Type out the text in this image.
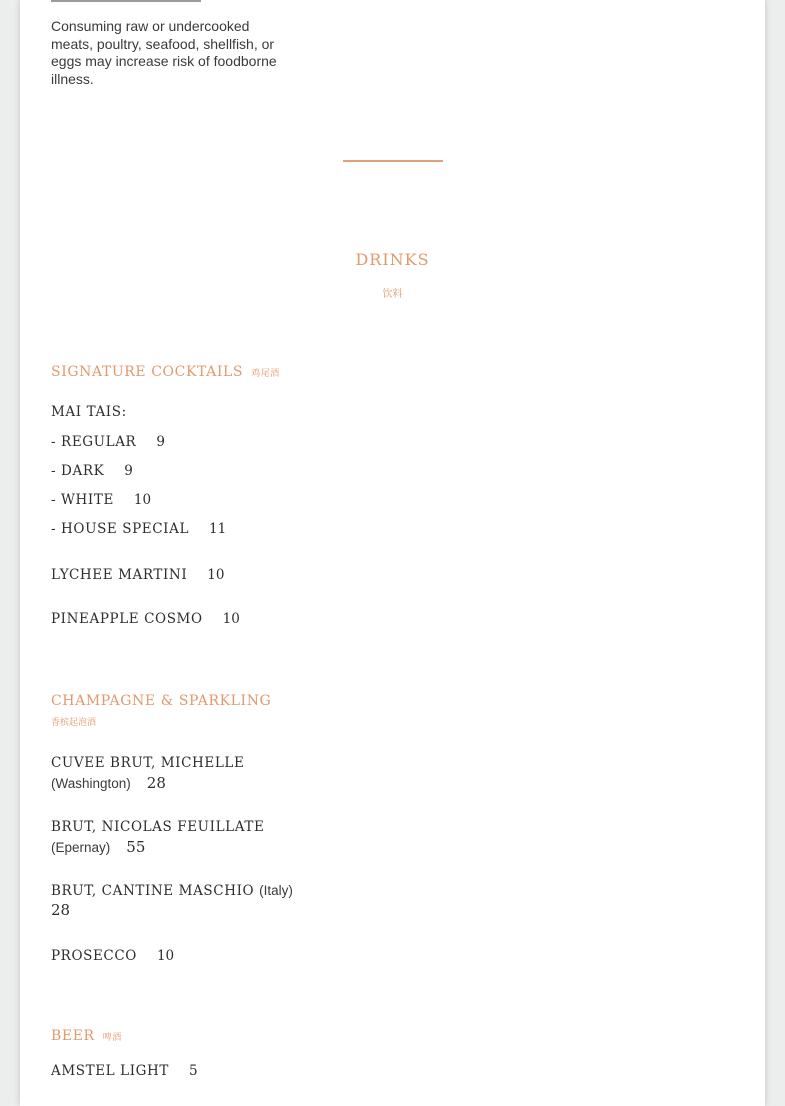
Consuming raw or undercooked meats, poultry, seafood, shellfish, or eggs may increase risk of foodborne illness.
DRINKS
饮料
SIGNATURE COCKTAILS 鸡尾酒
MAI TAIS:
- REGULAR 9
- DARK 9
- WHITE 10
- HOUSE SPECIAL 11
LYCHEE MARTINI 10
PINEAPPLE COSMO 10
CHAMPAGNE & SPARKLING
香槟起泡酒
CUVEE BRUT, MICHELLE
(Washington) 28
BRUT, NICOLAS FEUILLATE
(Epernay) 55
BRUT, CANTINE MASCHIO (Italy)
28
PROSECCO 10
BEER 啤酒
AMSTEL LIGHT 5
